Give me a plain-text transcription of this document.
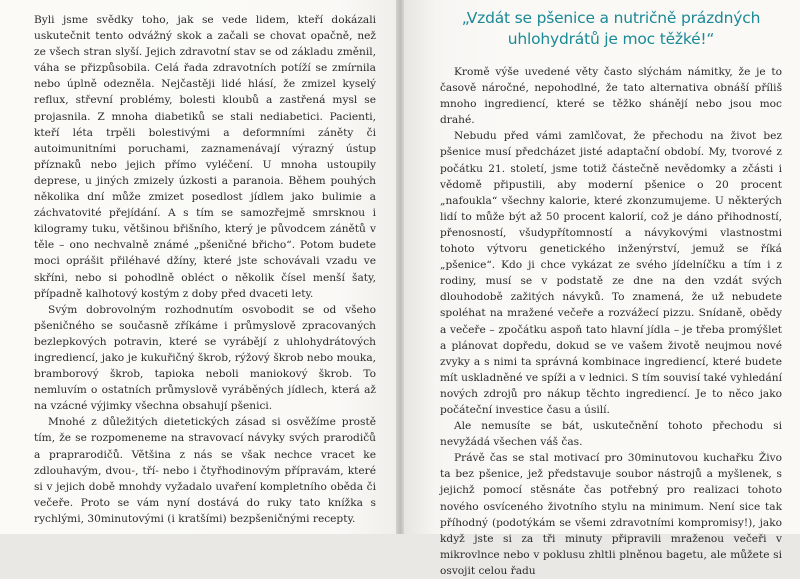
Byli jsme svědky toho, jak se vede lidem, kteří dokázali uskutečnit tento odvážný skok a začali se chovat opačně, než ze všech stran slyší. Jejich zdravotní stav se od základu změnil, váha se přizpůsobila. Celá řada zdravotních potíží se zmírnila nebo úplně odezněla. Nejčastěji lidé hlásí, že zmizel kyselý reflux, střevní problémy, bolesti kloubů a zastřená mysl se projasnila. Z mnoha diabetiků se stali nediabetici. Pacienti, kteří léta trpěli bolestivými a deformními záněty či autoimunitními poruchami, zaznamenávají výrazný ústup příznaků nebo jejich přímo vyléčení. U mnoha ustoupily deprese, u jiných zmizely úzkosti a paranoia. Během pouhých několika dní může zmizet posedlost jídlem jako bulimie a záchvatovité přejídání. A s tím se samozřejmě smrsknou i kilogramy tuku, většinou břišního, který je původcem zánětů v těle – ono nechvalně známé „pšeničné břicho“. Potom budete moci oprášit přiléhavé džíny, které jste schovávali vzadu ve skříni, nebo si pohodlně obléct o několik čísel menší šaty, případně kalhotový kostým z doby před dvaceti lety.

Svým dobrovolným rozhodnutím osvobodit se od všeho pšeničného se současně zříkáme i průmyslově zpracovaných bezlepkových potravin, které se vyrábějí z uhlohydrátových ingrediencí, jako je kukuřičný škrob, rýžový škrob nebo mouka, bramborový škrob, tapioka neboli maniokový škrob. To nemluvím o ostatních průmyslově vyráběných jídlech, která až na vzácné výjimky všechna obsahují pšenici.

Mnohé z důležitých dietetických zásad si osvěžíme prostě tím, že se rozpomeneme na stravovací návyky svých prarodičů a praprarodičů. Většina z nás se však nechce vracet ke zdlouhavým, dvou-, tří- nebo i čtyřhodinovým přípravám, které si v jejich době mnohdy vyžadalo uvaření kompletního oběda či večeře. Proto se vám nyní dostává do ruky tato knížka s rychlými, 30minutovými (i kratšími) bezpšeničnými recepty.

„Vzdát se pšenice a nutričně prázdných uhlohydrátů je moc těžké!“

Kromě výše uvedené věty často slýchám námitky, že je to časově náročné, nepohodlné, že tato alternativa obnáší příliš mnoho ingrediencí, které se těžko shánějí nebo jsou moc drahé.

Nebudu před vámi zamlčovat, že přechodu na život bez pšenice musí předcházet jisté adaptační období. My, tvorové z počátku 21. století, jsme totiž částečně nevědomky a zčásti i vědomě připustili, aby moderní pšenice o 20 procent „nafoukla“ všechny kalorie, které zkonzumujeme. U některých lidí to může být až 50 procent kalorií, což je dáno přihodností, přenosností, všudypřítomností a návykovými vlastnostmi tohoto výtvoru genetického inženýrství, jemuž se říká „pšenice“. Kdo ji chce vykázat ze svého jídelníčku a tím i z rodiny, musí se v podstatě ze dne na den vzdát svých dlouhodobě zažitých návyků. To znamená, že už nebudete spoléhat na mražené večeře a rozvážecí pizzu. Snídaně, obědy a večeře – zpočátku aspoň tato hlavní jídla – je třeba promýšlet a plánovat dopředu, dokud se ve vašem životě neujmou nové zvyky a s nimi ta správná kombinace ingrediencí, které budete mít uskladněné ve spíži a v lednici. S tím souvisí také vyhledání nových zdrojů pro nákup těchto ingrediencí. Je to něco jako počáteční investice času a úsilí.

Ale nemusíte se bát, uskutečnění tohoto přechodu si nevyžádá všechen váš čas.

Právě čas se stal motivací pro 30minutovou kuchařku Živo ta bez pšenice, jež představuje soubor nástrojů a myšlenek, s jejichž pomocí stěsnáte čas potřebný pro realizaci tohoto nového osvíceného životního stylu na minimum. Není sice tak příhodný (podotýkám se všemi zdravotními kompromisy!), jako když jste si za tři minuty připravili mraženou večeři v mikrovlnce nebo v poklusu zhltli plněnou bagetu, ale můžete si osvojit celou řadu
